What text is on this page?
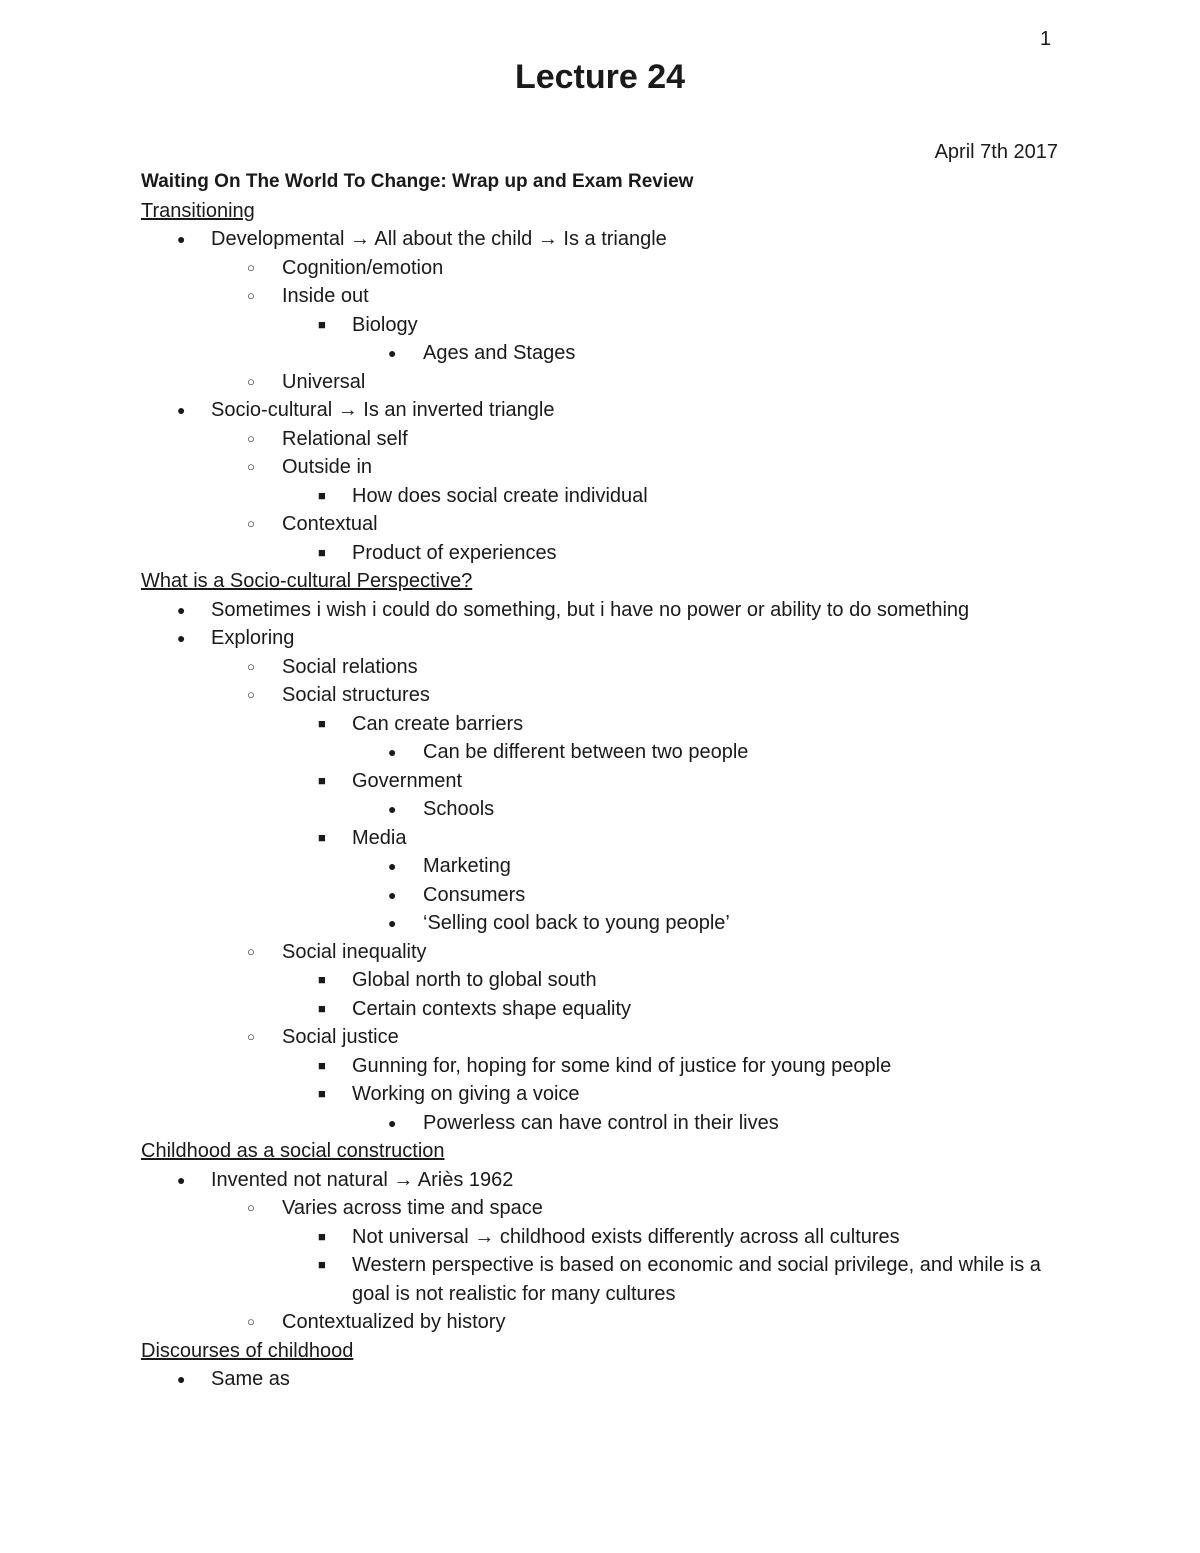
1
Lecture 24
April 7th 2017
Waiting On The World To Change: Wrap up and Exam Review
Transitioning
● Developmental → All about the child → Is a triangle
○ Cognition/emotion
○ Inside out
■ Biology
● Ages and Stages
○ Universal
● Socio-cultural → Is an inverted triangle
○ Relational self
○ Outside in
■ How does social create individual
○ Contextual
■ Product of experiences
What is a Socio-cultural Perspective?
● Sometimes i wish i could do something, but i have no power or ability to do something
● Exploring
○ Social relations
○ Social structures
■ Can create barriers
● Can be different between two people
■ Government
● Schools
■ Media
● Marketing
● Consumers
● ‘Selling cool back to young people’
○ Social inequality
■ Global north to global south
■ Certain contexts shape equality
○ Social justice
■ Gunning for, hoping for some kind of justice for young people
■ Working on giving a voice
● Powerless can have control in their lives
Childhood as a social construction
● Invented not natural → Ariès 1962
○ Varies across time and space
■ Not universal → childhood exists differently across all cultures
■ Western perspective is based on economic and social privilege, and while is a goal is not realistic for many cultures
○ Contextualized by history
Discourses of childhood
● Same as
